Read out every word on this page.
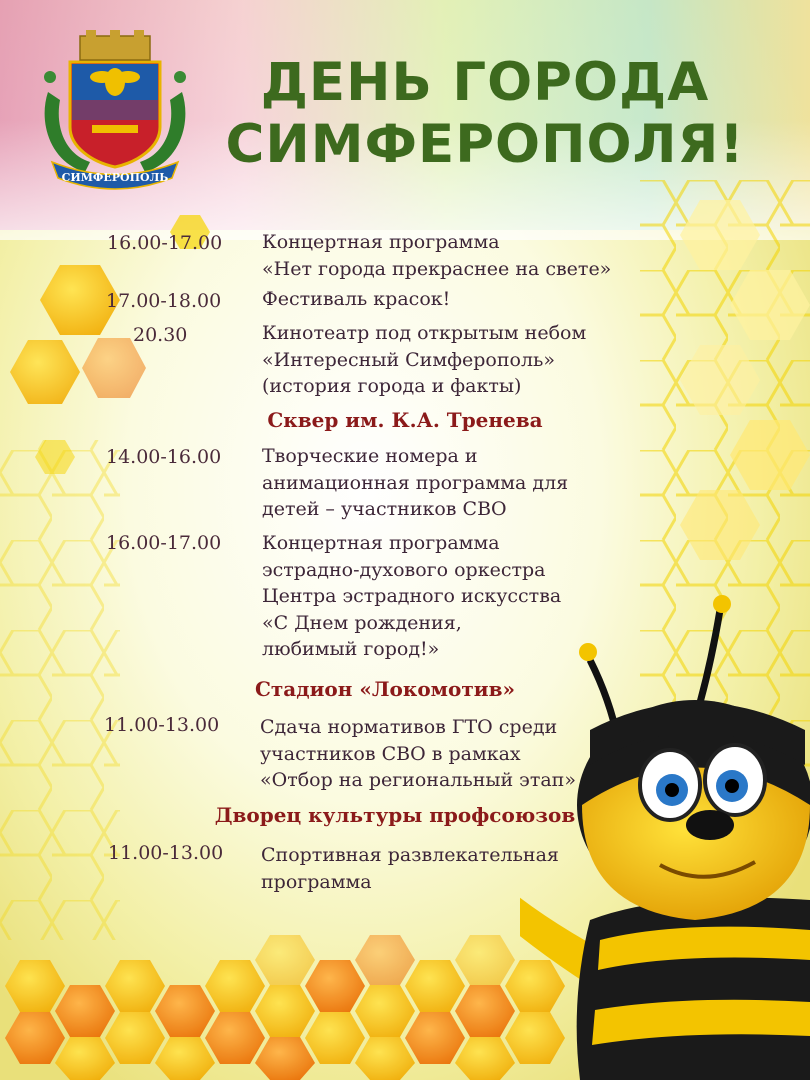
СИМФЕРОПОЛЬ
ДЕНЬ ГОРОДА
СИМФЕРОПОЛЯ!
16.00-17.00 Концертная программа
«Нет города прекраснее на свете»
17.00-18.00 Фестиваль красок!
20.30	Кинотеатр под открытым небом
«Интересный Симферополь»
(история города и факты)
Сквер им. К.А. Тренева
14.00-16.00 Творческие номера и
анимационная программа для
детей – участников СВО
16.00-17.00 Концертная программа
эстрадно-духового оркестра
Центра эстрадного искусства
«С Днем рождения,
любимый город!»
Стадион «Локомотив»
11.00-13.00 Сдача нормативов ГТО среди
участников СВО в рамках
«Отбор на региональный этап»
Дворец культуры профсоюзов
11.00-13.00 Спортивная развлекательная
программа
